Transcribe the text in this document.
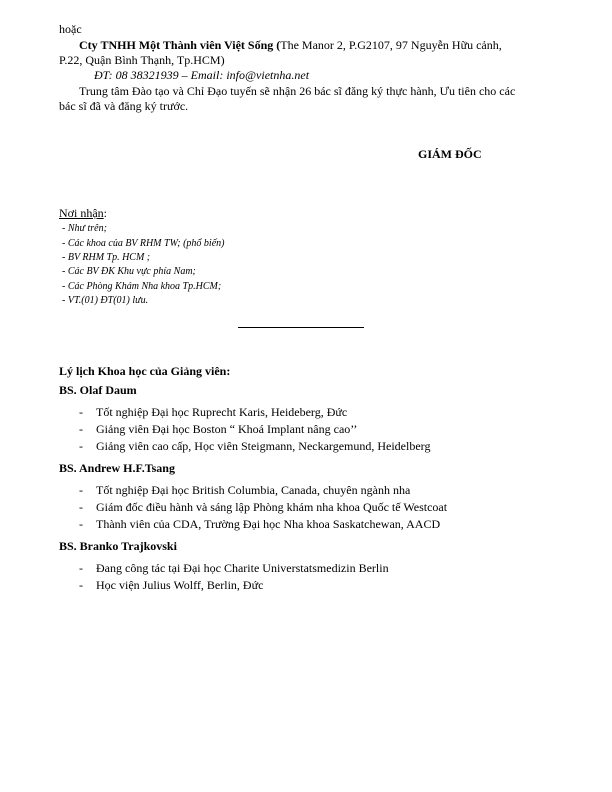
hoặc
Cty TNHH Một Thành viên Việt Sống (The Manor 2, P.G2107, 97 Nguyễn Hữu cảnh,
P.22, Quận Bình Thạnh, Tp.HCM)
ĐT: 08 38321939 – Email: info@vietnha.net
Trung tâm Đào tạo và Chỉ Đạo tuyến sẽ nhận 26 bác sĩ đăng ký thực hành, Ưu tiên cho các
bác sĩ đã và đăng ký trước.
GIÁM ĐỐC
Nơi nhận:
- Như trên;
- Các khoa của BV RHM TW; (phổ biến)
- BV RHM Tp. HCM ;
- Các BV ĐK Khu vực phía Nam;
- Các Phòng Khám Nha khoa Tp.HCM;
- VT.(01) ĐT(01) lưu.
Lý lịch Khoa học của Giảng viên:
BS. Olaf Daum
- Tốt nghiệp Đại học Ruprecht Karis, Heideberg, Đức
- Giảng viên Đại học Boston “ Khoá Implant nâng cao’’
- Giảng viên cao cấp, Học viên Steigmann, Neckargemund, Heidelberg
BS. Andrew H.F.Tsang
- Tốt nghiệp Đại học British Columbia, Canada, chuyên ngành nha
- Giám đốc điều hành và sáng lập Phòng khám nha khoa Quốc tế Westcoat
- Thành viên của CDA, Trường Đại học Nha khoa Saskatchewan, AACD
BS. Branko Trajkovski
- Đang công tác tại Đại học Charite Universtatsmedizin Berlin
- Học viện Julius Wolff, Berlin, Đức
